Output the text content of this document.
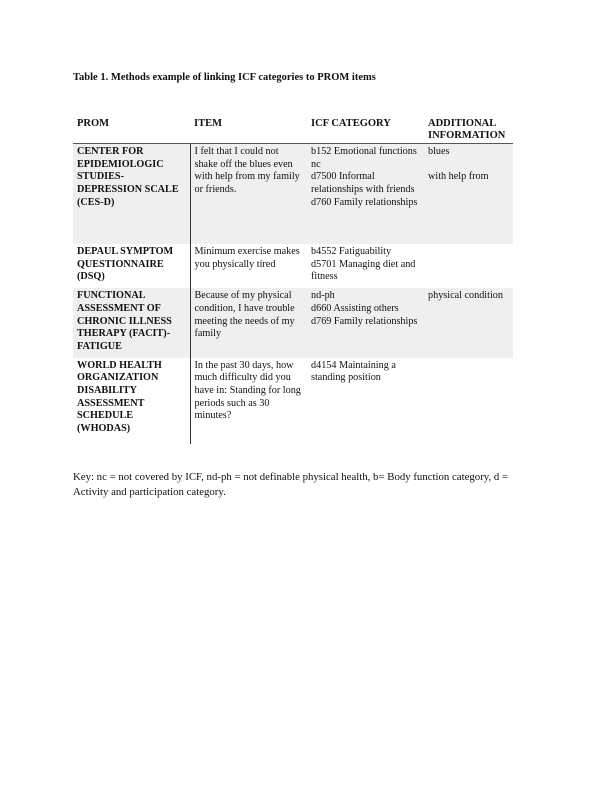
Table 1. Methods example of linking ICF categories to PROM items
PROM	ITEM	ICF CATEGORY	ADDITIONAL INFORMATION
CENTER FOR EPIDEMIOLOGIC STUDIES-DEPRESSION SCALE (CES-D)	I felt that I could not shake off the blues even with help from my family or friends.	b152 Emotional functions
nc
d7500 Informal relationships with friends
d760 Family relationships	blues
with help from

DEPAUL SYMPTOM QUESTIONNAIRE (DSQ)	Minimum exercise makes you physically tired	b4552 Fatiguability
d5701 Managing diet and fitness	

FUNCTIONAL ASSESSMENT OF CHRONIC ILLNESS THERAPY (FACIT)-FATIGUE	Because of my physical condition, I have trouble meeting the needs of my family	nd-ph
d660 Assisting others
d769 Family relationships	physical condition

WORLD HEALTH ORGANIZATION DISABILITY ASSESSMENT SCHEDULE (WHODAS)	In the past 30 days, how much difficulty did you have in: Standing for long periods such as 30 minutes?	d4154 Maintaining a standing position	

Key: nc = not covered by ICF, nd-ph = not definable physical health, b= Body function category, d = Activity and participation category.
